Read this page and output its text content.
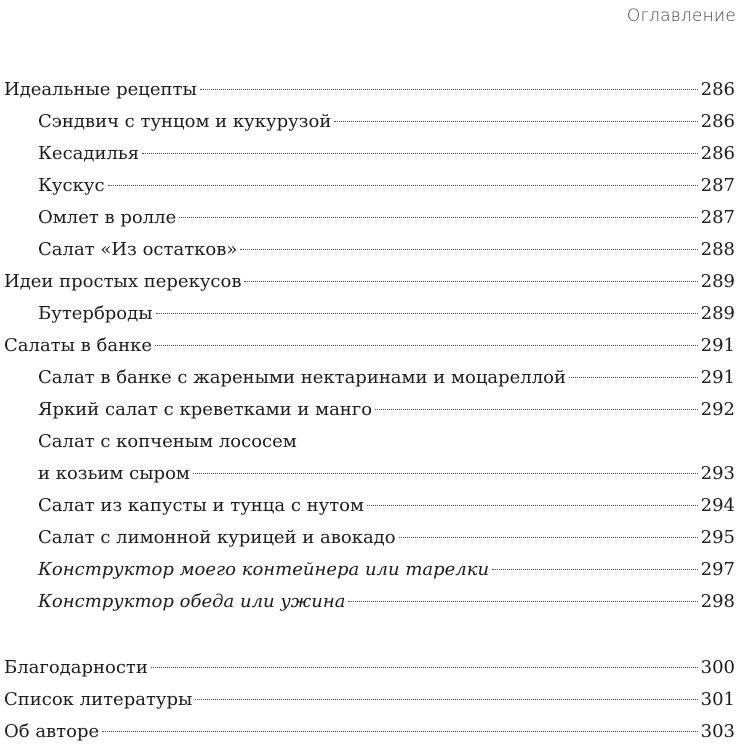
Оглавление
Идеальные рецепты	286
Сэндвич с тунцом и кукурузой	286
Кесадилья	286
Кускус	287
Омлет в ролле	287
Салат «Из остатков»	288
Идеи простых перекусов	289
Бутерброды	289
Салаты в банке	291
Салат в банке с жареными нектаринами и моцареллой	291
Яркий салат с креветками и манго	292
Салат с копченым лососем
и козьим сыром	293
Салат из капусты и тунца с нутом	294
Салат с лимонной курицей и авокадо	295
Конструктор моего контейнера или тарелки	297
Конструктор обеда или ужина	298
Благодарности	300
Список литературы	301
Об авторе	303
